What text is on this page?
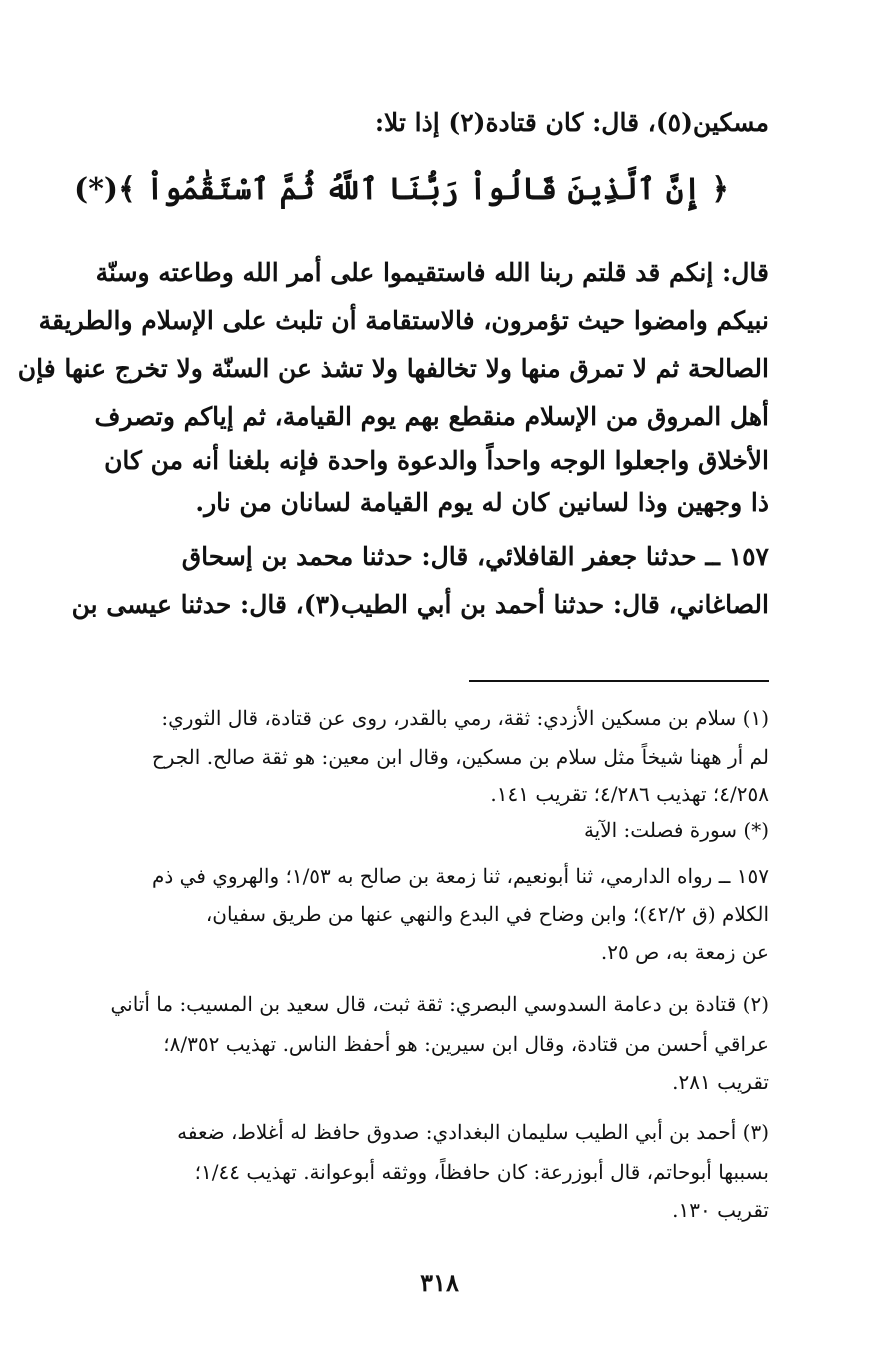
مسكين(٥)، قال: كان قتادة(٢) إذا تلا:
﴿ إِنَّ ٱلَّذِينَ قَالُواْ رَبُّنَا ٱللَّهُ ثُمَّ ٱسْتَقَٰمُواْ ﴾(*)
قال: إنكم قد قلتم ربنا الله فاستقيموا على أمر الله وطاعته وسنّة
نبيكم وامضوا حيث تؤمرون، فالاستقامة أن تلبث على الإسلام والطريقة
الصالحة ثم لا تمرق منها ولا تخالفها ولا تشذ عن السنّة ولا تخرج عنها فإن
أهل المروق من الإسلام منقطع بهم يوم القيامة، ثم إياكم وتصرف
الأخلاق واجعلوا الوجه واحداً والدعوة واحدة فإنه بلغنا أنه من كان
ذا وجهين وذا لسانين كان له يوم القيامة لسانان من نار.
١٥٧ ــ حدثنا جعفر القافلائي، قال: حدثنا محمد بن إسحاق
الصاغاني، قال: حدثنا أحمد بن أبي الطيب(٣)، قال: حدثنا عيسى بن
(١) سلام بن مسكين الأزدي: ثقة، رمي بالقدر، روى عن قتادة، قال الثوري:
لم أر ههنا شيخاً مثل سلام بن مسكين، وقال ابن معين: هو ثقة صالح. الجرح
٤/٢٥٨؛ تهذيب ٤/٢٨٦؛ تقريب ١٤١.
(*) سورة فصلت: الآية
١٥٧ ــ رواه الدارمي، ثنا أبونعيم، ثنا زمعة بن صالح به ١/٥٣؛ والهروي في ذم
الكلام (ق ٤٢/٢)؛ وابن وضاح في البدع والنهي عنها من طريق سفيان،
عن زمعة به، ص ٢٥.
(٢) قتادة بن دعامة السدوسي البصري: ثقة ثبت، قال سعيد بن المسيب: ما أتاني
عراقي أحسن من قتادة، وقال ابن سيرين: هو أحفظ الناس. تهذيب ٨/٣٥٢؛
تقريب ٢٨١.
(٣) أحمد بن أبي الطيب سليمان البغدادي: صدوق حافظ له أغلاط، ضعفه
بسببها أبوحاتم، قال أبوزرعة: كان حافظاً، ووثقه أبوعوانة. تهذيب ١/٤٤؛
تقريب ١٣٠.
٣١٨
